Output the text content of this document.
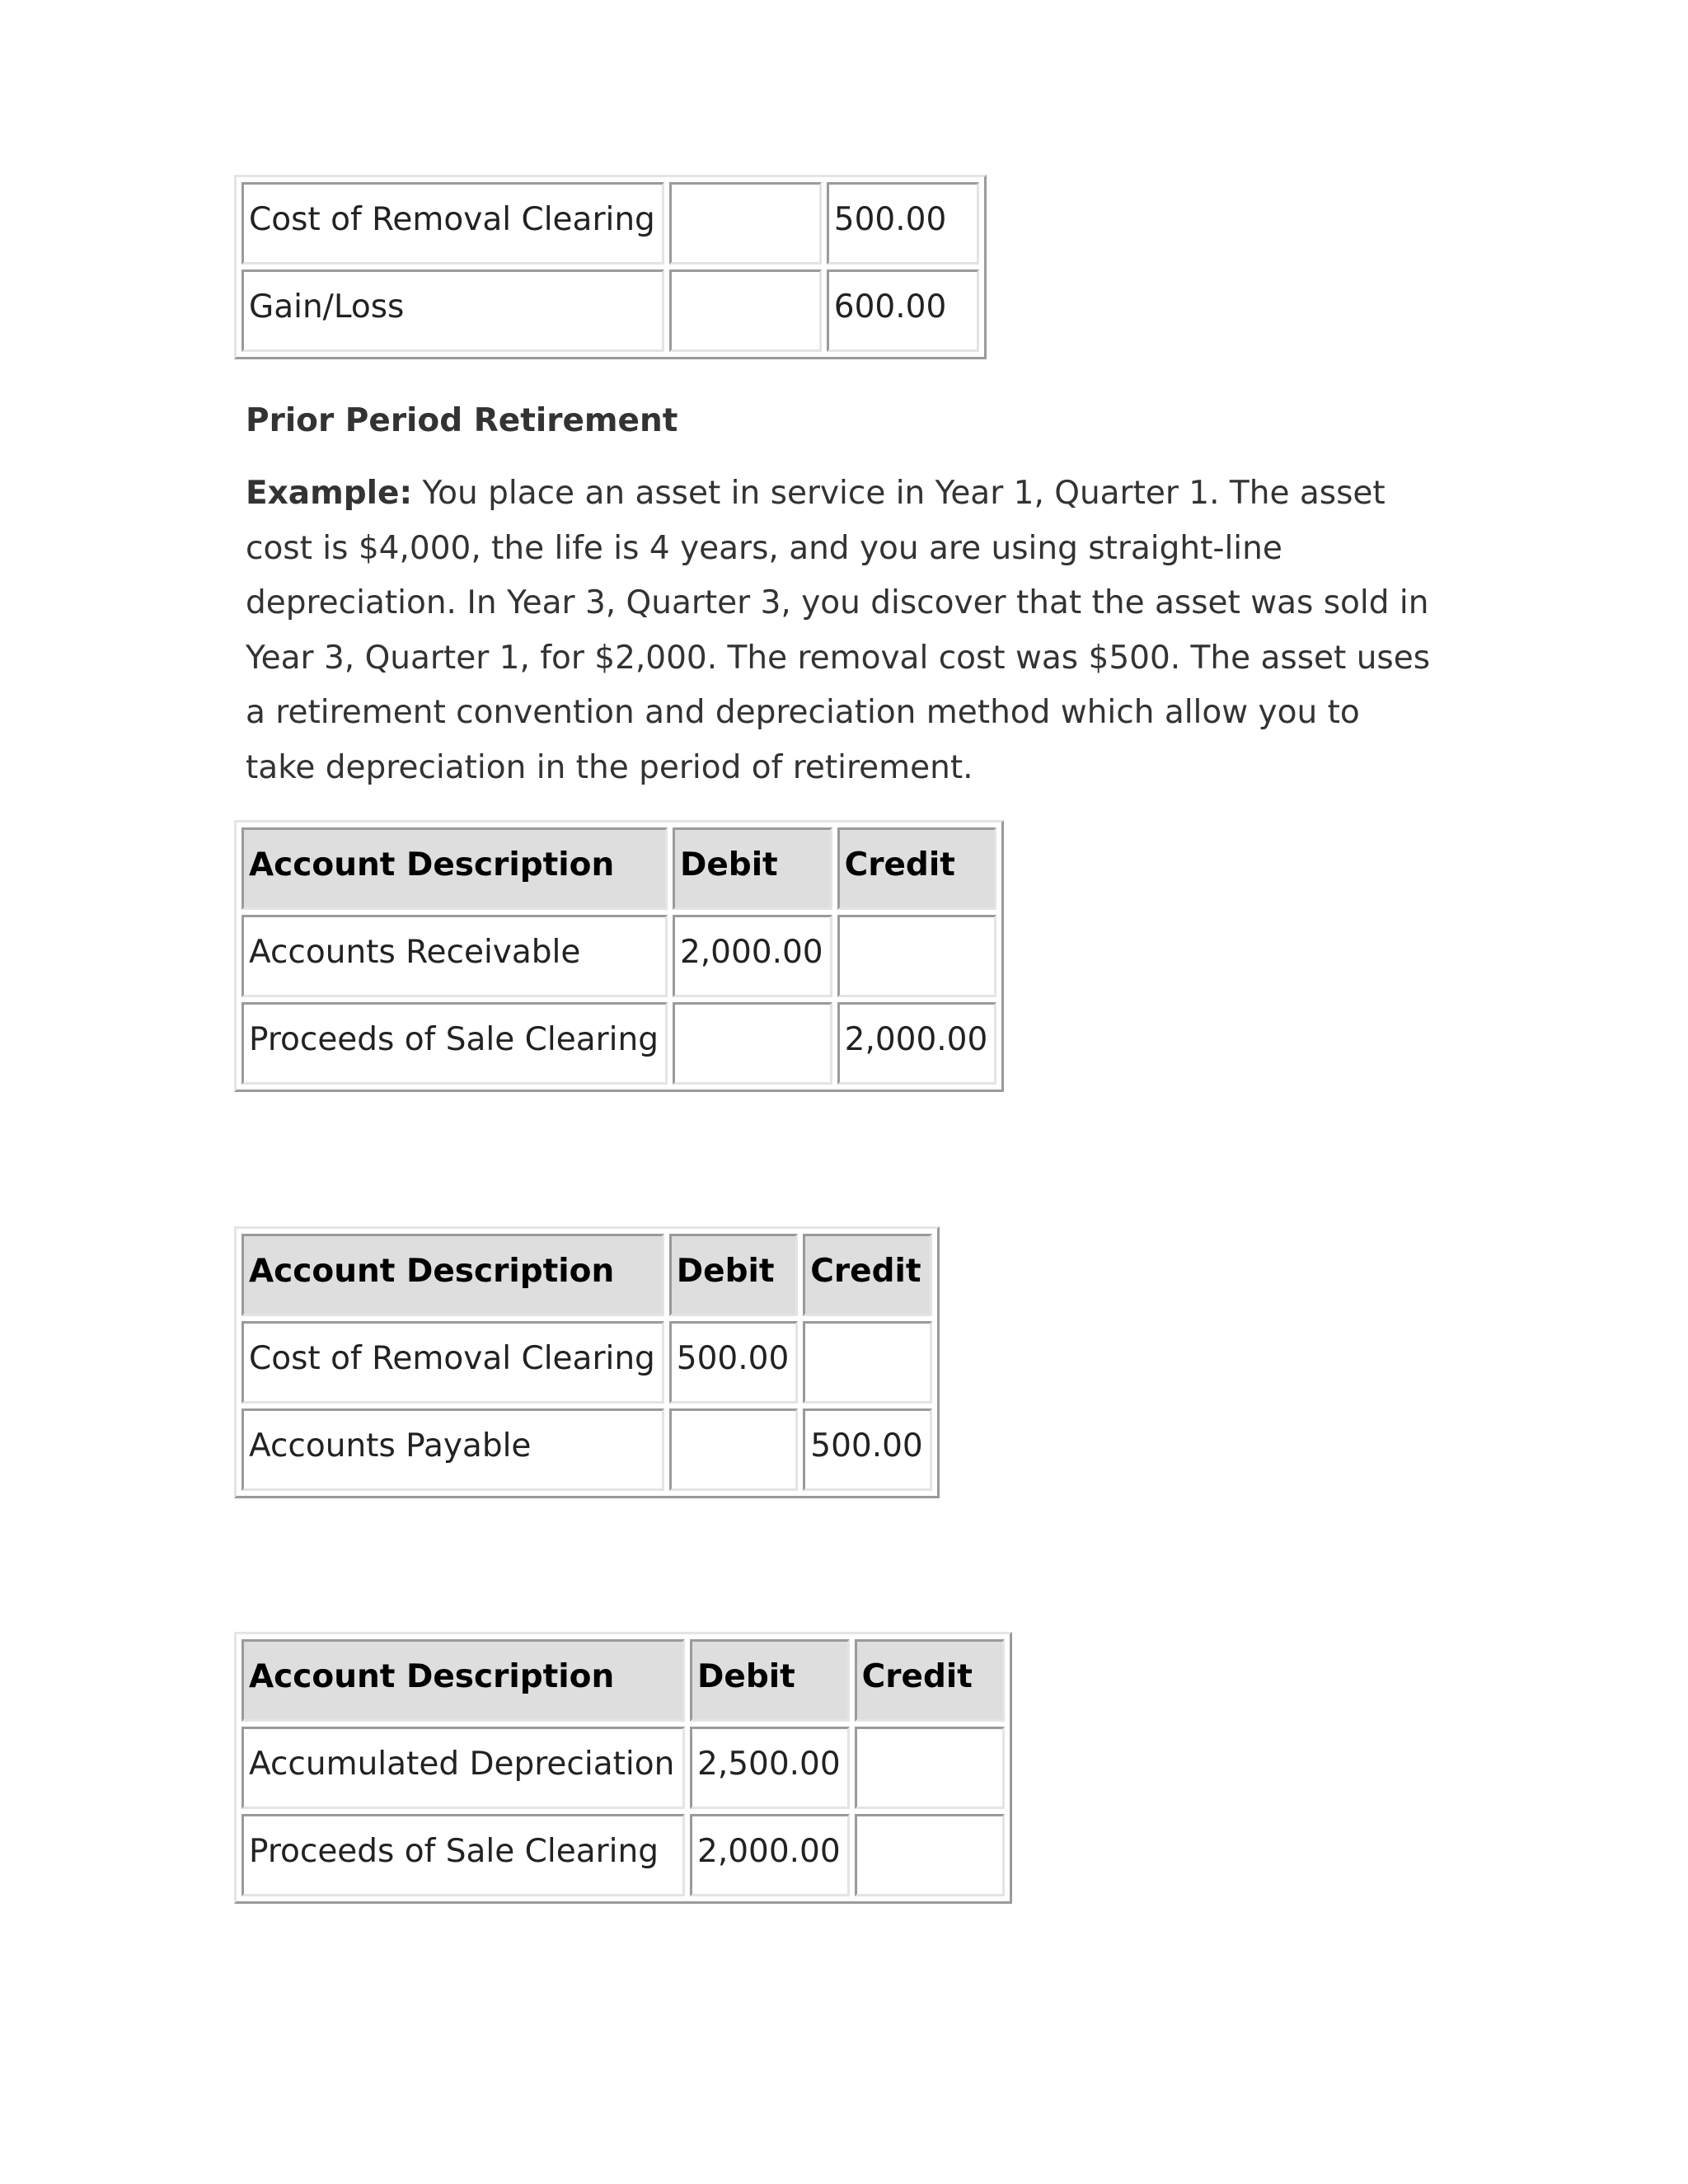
Cost of Removal Clearing		500.00
Gain/Loss		600.00
Prior Period Retirement

Example: You place an asset in service in Year 1, Quarter 1. The asset cost is $4,000, the life is 4 years, and you are using straight-line depreciation. In Year 3, Quarter 3, you discover that the asset was sold in Year 3, Quarter 1, for $2,000. The removal cost was $500. The asset uses a retirement convention and depreciation method which allow you to take depreciation in the period of retirement.

Account Description	Debit	Credit
Accounts Receivable	2,000.00	
Proceeds of Sale Clearing		2,000.00
Account Description	Debit	Credit
Cost of Removal Clearing	500.00	
Accounts Payable		500.00
Account Description	Debit	Credit
Accumulated Depreciation	2,500.00	
Proceeds of Sale Clearing	2,000.00	
